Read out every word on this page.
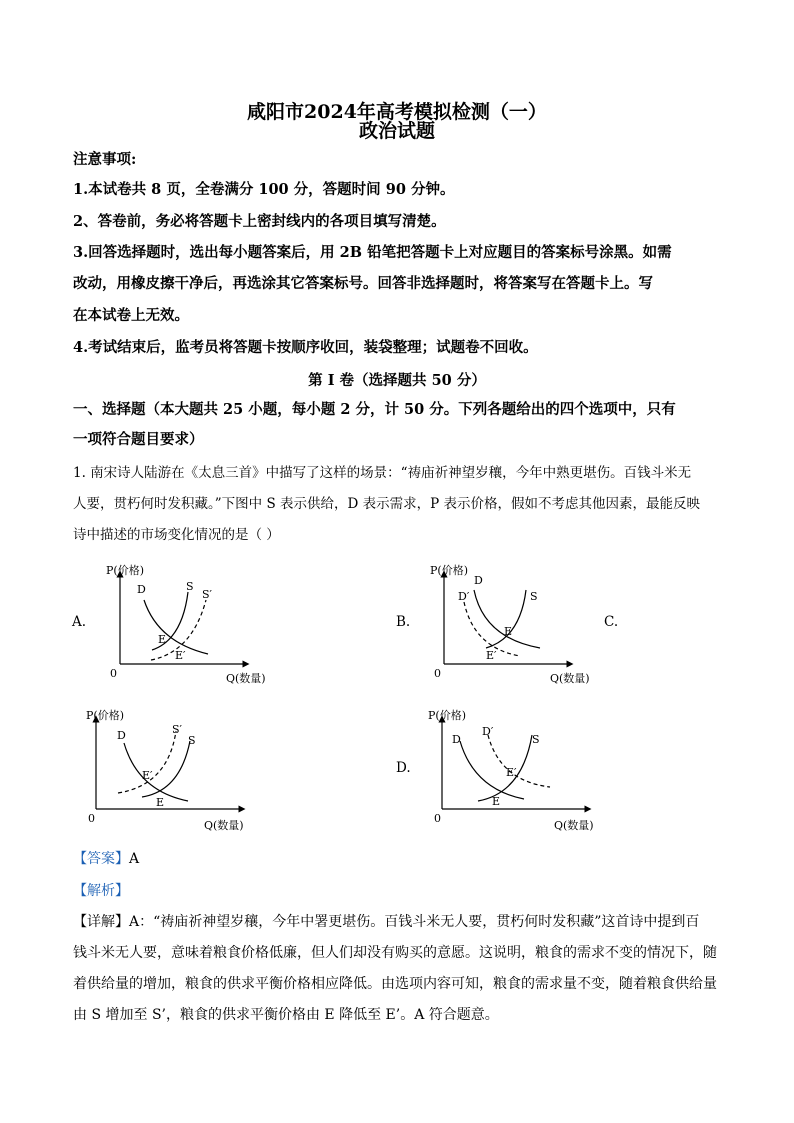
咸阳市2024年高考模拟检测（一）
政治试题
注意事项:
1.本试卷共 8 页，全卷满分 100 分，答题时间 90 分钟。
2、答卷前，务必将答题卡上密封线内的各项目填写清楚。
3.回答选择题时，选出每小题答案后，用 2B 铅笔把答题卡上对应题目的答案标号涂黑。如需
改动，用橡皮擦干净后，再选涂其它答案标号。回答非选择题时，将答案写在答题卡上。写
在本试卷上无效。
4.考试结束后，监考员将答题卡按顺序收回，装袋整理；试题卷不回收。
第 I 卷（选择题共 50 分）
一、选择题（本大题共 25 小题，每小题 2 分，计 50 分。下列各题给出的四个选项中，只有
一项符合题目要求）
1. 南宋诗人陆游在《太息三首》中描写了这样的场景：“祷庙祈神望岁穰，今年中熟更堪伤。百钱斗米无
人要，贯朽何时发积藏。”下图中 S 表示供给，D 表示需求，P 表示价格，假如不考虑其他因素，最能反映
诗中描述的市场变化情况的是（ ）
A.	B.	C.
D.
P(价格)
0	Q(数量)
D	S
S′
E
E′
P(价格)
0	Q(数量)
D
D′	S
E
E′
P(价格)
0
Q(数量)
D	S′
S
E′
E
P(价格)
0
Q(数量)
D
D′
S
E′
E
【答案】A
【解析】
【详解】A：“祷庙祈神望岁穰，今年中署更堪伤。百钱斗米无人要，贯朽何时发积藏”这首诗中提到百
钱斗米无人要，意味着粮食价格低廉，但人们却没有购买的意愿。这说明，粮食的需求不变的情况下，随
着供给量的增加，粮食的供求平衡价格相应降低。由选项内容可知，粮食的需求量不变，随着粮食供给量
由 S 增加至 S’，粮食的供求平衡价格由 E 降低至 E’。A 符合题意。
